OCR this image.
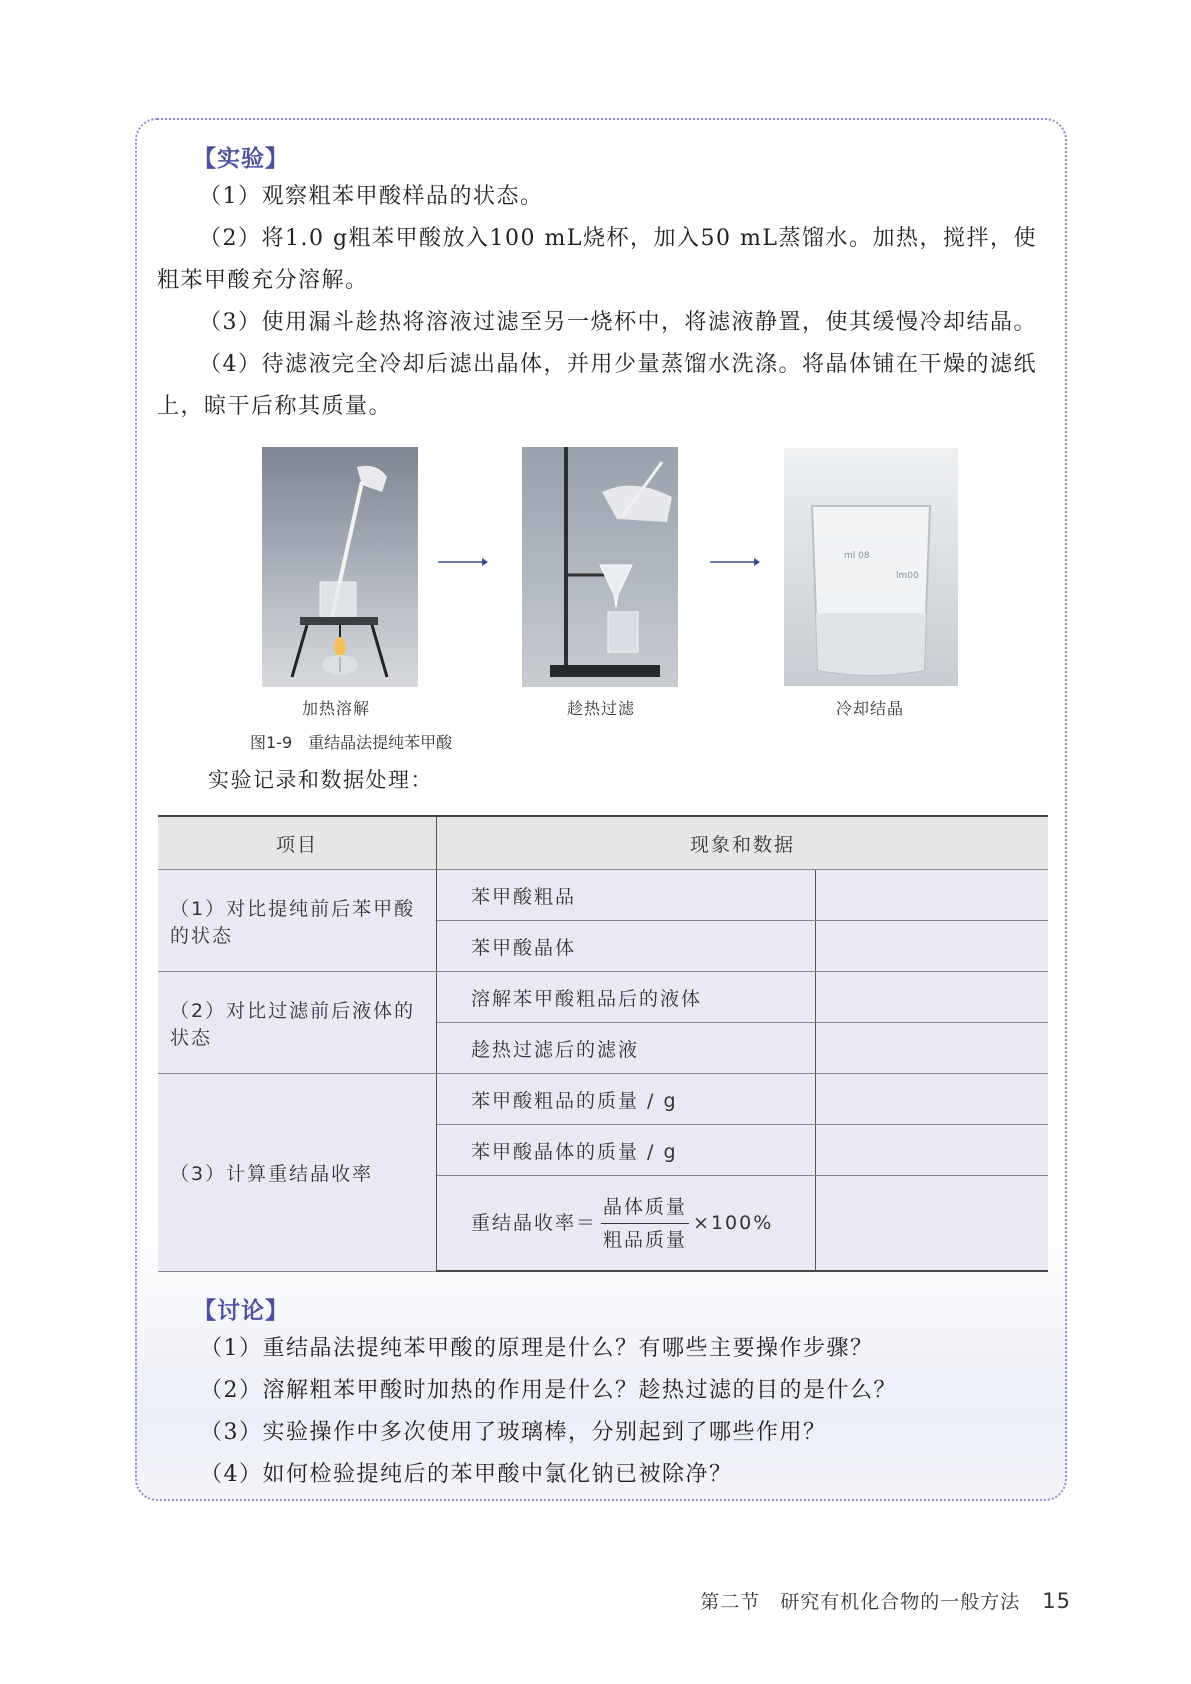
【实验】

（1）观察粗苯甲酸样品的状态。

（2）将1.0 g粗苯甲酸放入100 mL烧杯，加入50 mL蒸馏水。加热，搅拌，使粗苯甲酸充分溶解。

（3）使用漏斗趁热将溶液过滤至另一烧杯中，将滤液静置，使其缓慢冷却结晶。

（4）待滤液完全冷却后滤出晶体，并用少量蒸馏水洗涤。将晶体铺在干燥的滤纸上，晾干后称其质量。

ml 08
lm00
加热溶解	趁热过滤	冷却结晶
图1-9　重结晶法提纯苯甲酸
实验记录和数据处理：
项目	现象和数据	
（1）对比提纯前后苯甲酸的状态	苯甲酸粗品	
	苯甲酸晶体	
（2）对比过滤前后液体的状态	溶解苯甲酸粗品后的液体	
	趁热过滤后的滤液	
（3）计算重结晶收率	苯甲酸粗品的质量 / g	
	苯甲酸晶体的质量 / g	
	重结晶收率＝ $\frac{\text{晶体质量}}{\text{粗品质量}} \times 100\%$	
【讨论】

（1）重结晶法提纯苯甲酸的原理是什么？有哪些主要操作步骤？

（2）溶解粗苯甲酸时加热的作用是什么？趁热过滤的目的是什么？

（3）实验操作中多次使用了玻璃棒，分别起到了哪些作用？

（4）如何检验提纯后的苯甲酸中氯化钠已被除净？

第二节　研究有机化合物的一般方法 15
